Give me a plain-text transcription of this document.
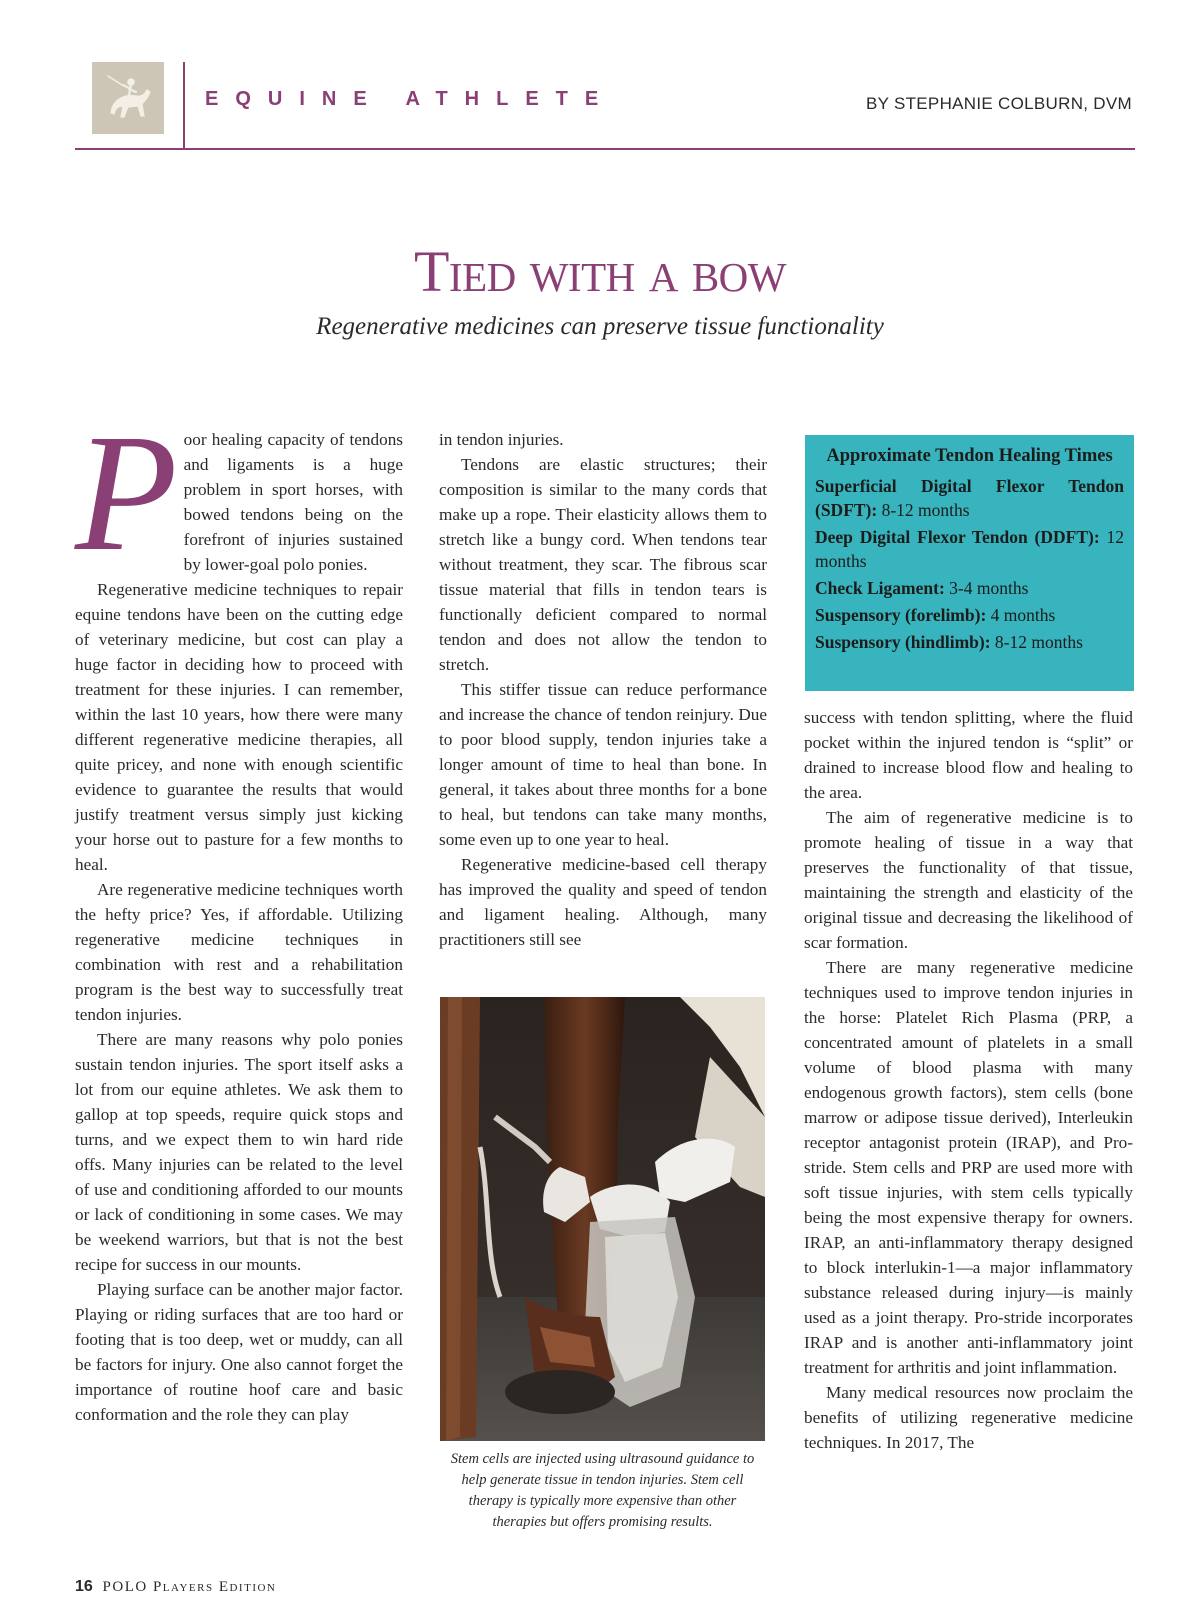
EQUINE ATHLETE	BY STEPHANIE COLBURN, DVM
Tied with a bow
Regenerative medicines can preserve tissue functionality

Poor healing capacity of tendons and ligaments is a huge problem in sport horses, with bowed tendons being on the forefront of injuries sustained by lower-goal polo ponies.

Regenerative medicine techniques to repair equine tendons have been on the cutting edge of veterinary medicine, but cost can play a huge factor in deciding how to proceed with treatment for these injuries. I can remember, within the last 10 years, how there were many different regenerative medicine therapies, all quite pricey, and none with enough scientific evidence to guarantee the results that would justify treatment versus simply just kicking your horse out to pasture for a few months to heal.

Are regenerative medicine techniques worth the hefty price? Yes, if affordable. Utilizing regenerative medicine techniques in combination with rest and a rehabilitation program is the best way to successfully treat tendon injuries.

There are many reasons why polo ponies sustain tendon injuries. The sport itself asks a lot from our equine athletes. We ask them to gallop at top speeds, require quick stops and turns, and we expect them to win hard ride offs. Many injuries can be related to the level of use and conditioning afforded to our mounts or lack of conditioning in some cases. We may be weekend warriors, but that is not the best recipe for success in our mounts.

Playing surface can be another major factor. Playing or riding surfaces that are too hard or footing that is too deep, wet or muddy, can all be factors for injury. One also cannot forget the importance of routine hoof care and basic conformation and the role they can play

in tendon injuries.

Tendons are elastic structures; their composition is similar to the many cords that make up a rope. Their elasticity allows them to stretch like a bungy cord. When tendons tear without treatment, they scar. The fibrous scar tissue material that fills in tendon tears is functionally deficient compared to normal tendon and does not allow the tendon to stretch.

This stiffer tissue can reduce performance and increase the chance of tendon reinjury. Due to poor blood supply, tendon injuries take a longer amount of time to heal than bone. In general, it takes about three months for a bone to heal, but tendons can take many months, some even up to one year to heal.

Regenerative medicine-based cell therapy has improved the quality and speed of tendon and ligament healing. Although, many practitioners still see

Approximate Tendon Healing Times
Superficial Digital Flexor Tendon (SDFT): 8-12 months
Deep Digital Flexor Tendon (DDFT): 12 months
Check Ligament: 3-4 months
Suspensory (forelimb): 4 months
Suspensory (hindlimb): 8-12 months

success with tendon splitting, where the fluid pocket within the injured tendon is “split” or drained to increase blood flow and healing to the area.

The aim of regenerative medicine is to promote healing of tissue in a way that preserves the functionality of that tissue, maintaining the strength and elasticity of the original tissue and decreasing the likelihood of scar formation.

There are many regenerative medicine techniques used to improve tendon injuries in the horse: Platelet Rich Plasma (PRP, a concentrated amount of platelets in a small volume of blood plasma with many endogenous growth factors), stem cells (bone marrow or adipose tissue derived), Interleukin receptor antagonist protein (IRAP), and Pro-stride. Stem cells and PRP are used more with soft tissue injuries, with stem cells typically being the most expensive therapy for owners. IRAP, an anti-inflammatory therapy designed to block interlukin-1—a major inflammatory substance released during injury—is mainly used as a joint therapy. Pro-stride incorporates IRAP and is another anti-inflammatory joint treatment for arthritis and joint inflammation.

Many medical resources now proclaim the benefits of utilizing regenerative medicine techniques. In 2017, The

Stem cells are injected using ultrasound guidance to help generate tissue in tendon injuries. Stem cell therapy is typically more expensive than other therapies but offers promising results.
16 POLO Players Edition
